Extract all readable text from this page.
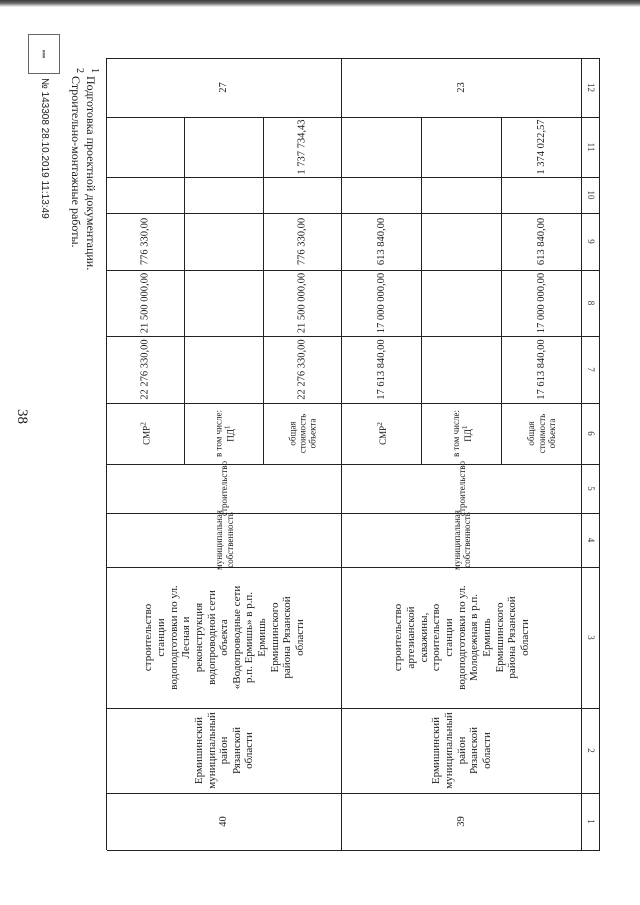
38
12
11
10
9
8
7
6
5
4
3
2
1
23
1 374 022,57
613 840,00
613 840,00
17 000 000,00
17 000 000,00
17 613 840,00
17 613 840,00
общая стоимость объекта
в том числе: $ПД^1$
СМР$^2$
строительство
муниципальная собственность
строительство артезианской скважины, строительство станции водоподготовки по ул. Молодежная в р.п. Ермишь Ермишинского района Рязанской области
Ермишинский муниципальный район Рязанской области
39
27
1 737 734,43
776 330,00
776 330,00
21 500 000,00
21 500 000,00
22 276 330,00
22 276 330,00
общая стоимость объекта
в том числе: $ПД^1$
СМР$^2$
строительство
муниципальная собственность
строительство станции водоподготовки по ул. Лесная и реконструкция водопроводной сети объекта «Водопроводные сети р.п. Ермишь» в р.п. Ермишь Ермишинского района Рязанской области
Ермишинский муниципальный район Рязанской области
40
$^1$ Подготовка проектной документации.
$^2$ Строительно-монтажные работы.
▦▦▦
№ 143308 28.10.2019 11:13:49
